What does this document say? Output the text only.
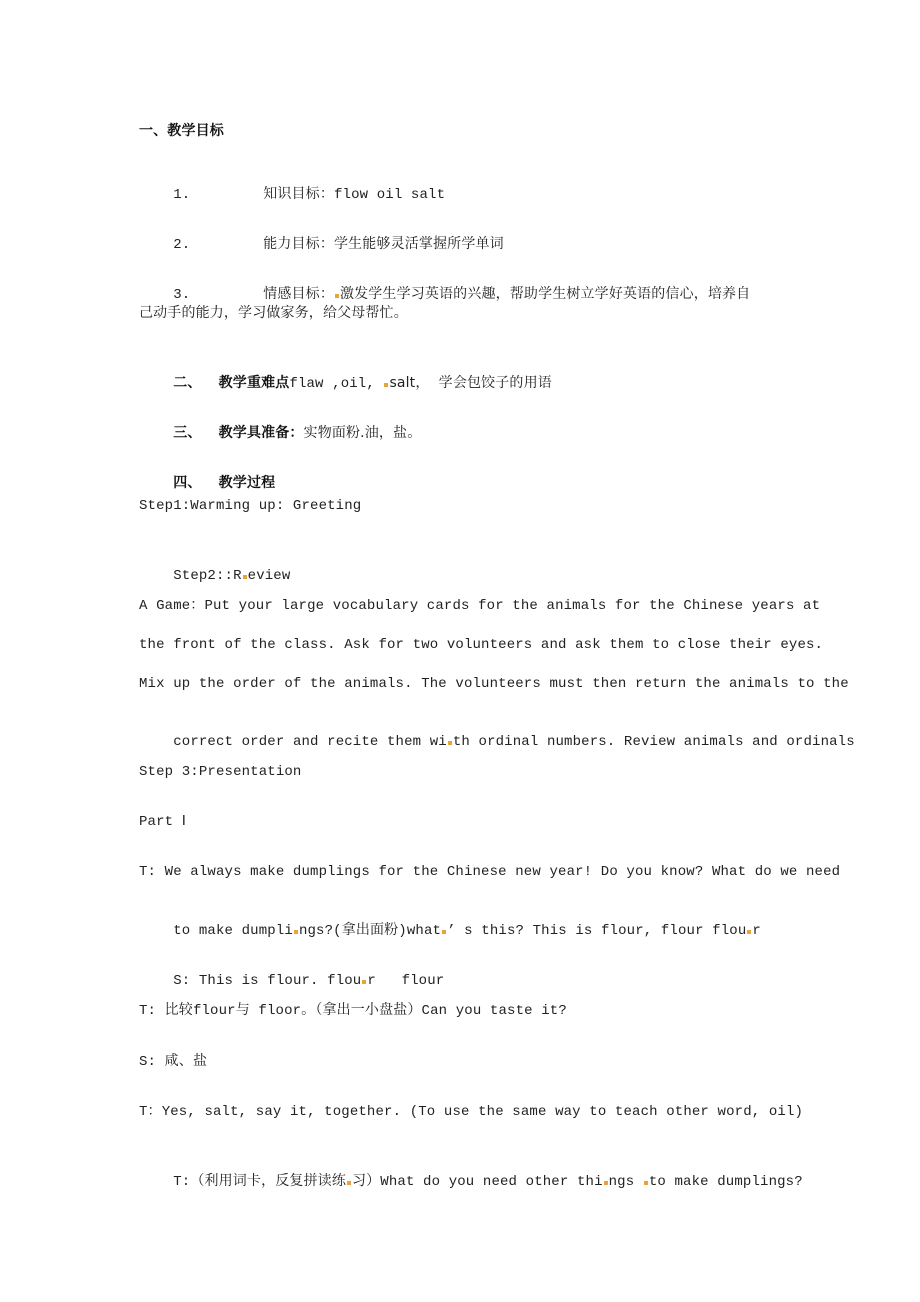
一、教学目标

1.	知识目标：flow oil salt

2.	能力目标：学生能够灵活掌握所学单词

3.	情感目标： 激发学生学习英语的兴趣，帮助学生树立学好英语的信心，培养自

己动手的能力，学习做家务，给父母帮忙。

二、 教学重难点flaw ,oil, salt，  学会包饺子的用语

三、 教学具准备：实物面粉.油，盐。

四、 教学过程

Step1:Warming up: Greeting

Step2::R eview

A Game：Put your large vocabulary cards for the animals for the Chinese years at
the front of the class. Ask for two volunteers and ask them to close their eyes.
Mix up the order of the animals. The volunteers must then return the animals to the

correct order and recite them wi th ordinal numbers. Review animals and ordinals

Step 3:Presentation
Part Ⅰ
T: We always make dumplings for the Chinese new year! Do you know? What do we need

to make dumpli ngs?(拿出面粉)what ’ s this? This is flour, flour flou r

S: This is flour. flou r   flour

T: 比较flour与 floor。（拿出一小盘盐）Can you taste it?
S: 咸、盐
T：Yes, salt, say it, together. (To use the same way to teach other word, oil)

T:（利用词卡，反复拼读练 习）What do you need other thi ngs to make dumplings?
